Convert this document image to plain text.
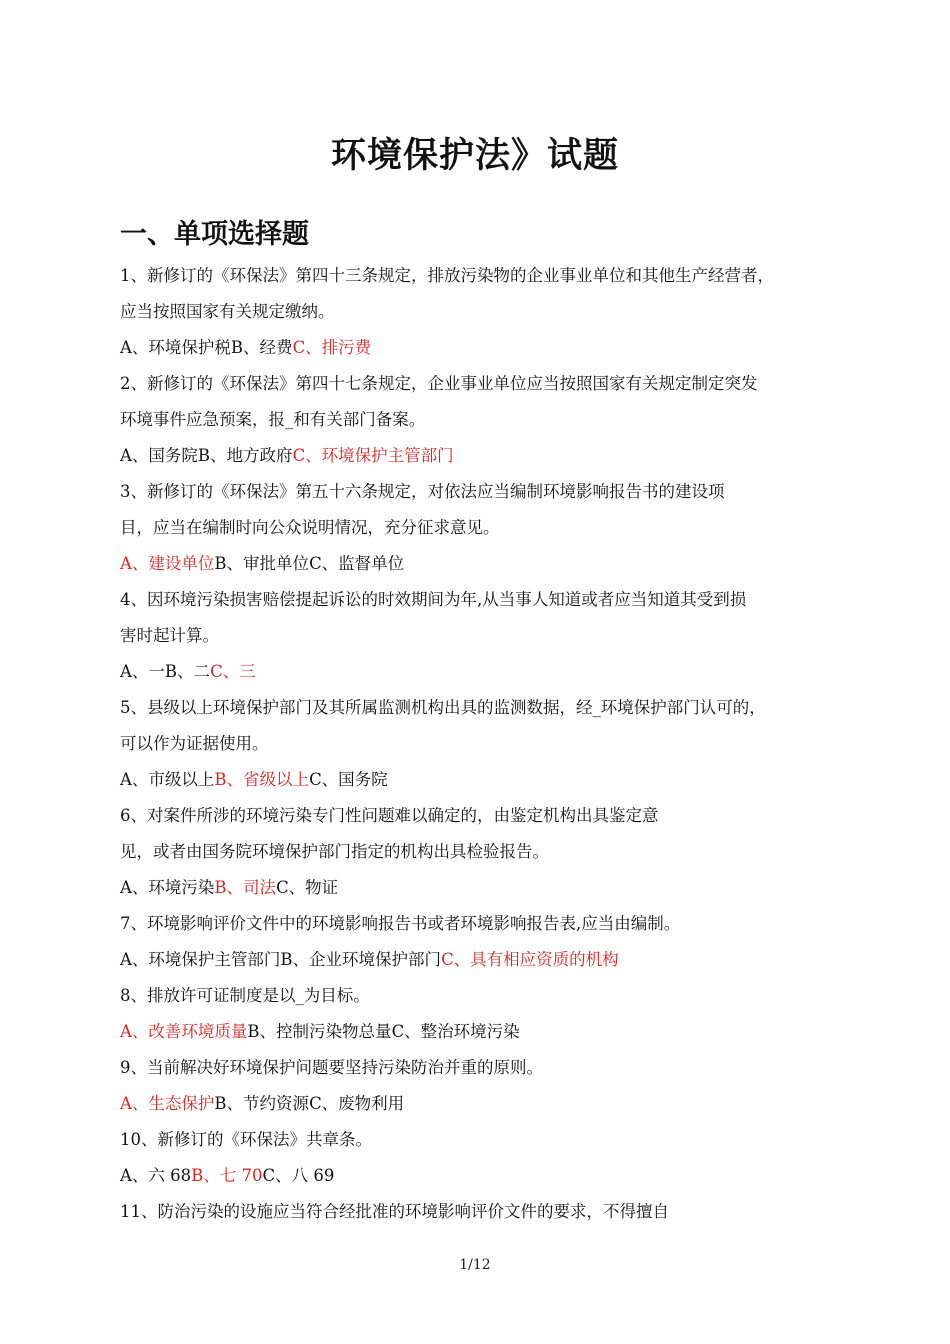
环境保护法》试题
一、单项选择题
1、新修订的《环保法》第四十三条规定，排放污染物的企业事业单位和其他生产经营者，
应当按照国家有关规定缴纳。
A、环境保护税B、经费C、排污费
2、新修订的《环保法》第四十七条规定，企业事业单位应当按照国家有关规定制定突发
环境事件应急预案，报_和有关部门备案。
A、国务院B、地方政府C、环境保护主管部门
3、新修订的《环保法》第五十六条规定，对依法应当编制环境影响报告书的建设项
目，应当在编制时向公众说明情况，充分征求意见。
A、建设单位B、审批单位C、监督单位
4、因环境污染损害赔偿提起诉讼的时效期间为年,从当事人知道或者应当知道其受到损
害时起计算。
A、一B、二C、三
5、县级以上环境保护部门及其所属监测机构出具的监测数据，经_环境保护部门认可的，
可以作为证据使用。
A、市级以上B、省级以上C、国务院
6、对案件所涉的环境污染专门性问题难以确定的，由鉴定机构出具鉴定意
见，或者由国务院环境保护部门指定的机构出具检验报告。
A、环境污染B、司法C、物证
7、环境影响评价文件中的环境影响报告书或者环境影响报告表,应当由编制。
A、环境保护主管部门B、企业环境保护部门C、具有相应资质的机构
8、排放许可证制度是以_为目标。
A、改善环境质量B、控制污染物总量C、整治环境污染
9、当前解决好环境保护问题要坚持污染防治并重的原则。
A、生态保护B、节约资源C、废物利用
10、新修订的《环保法》共章条。
A、六 68B、七 70C、八 69
11、防治污染的设施应当符合经批准的环境影响评价文件的要求，不得擅自
1/12
